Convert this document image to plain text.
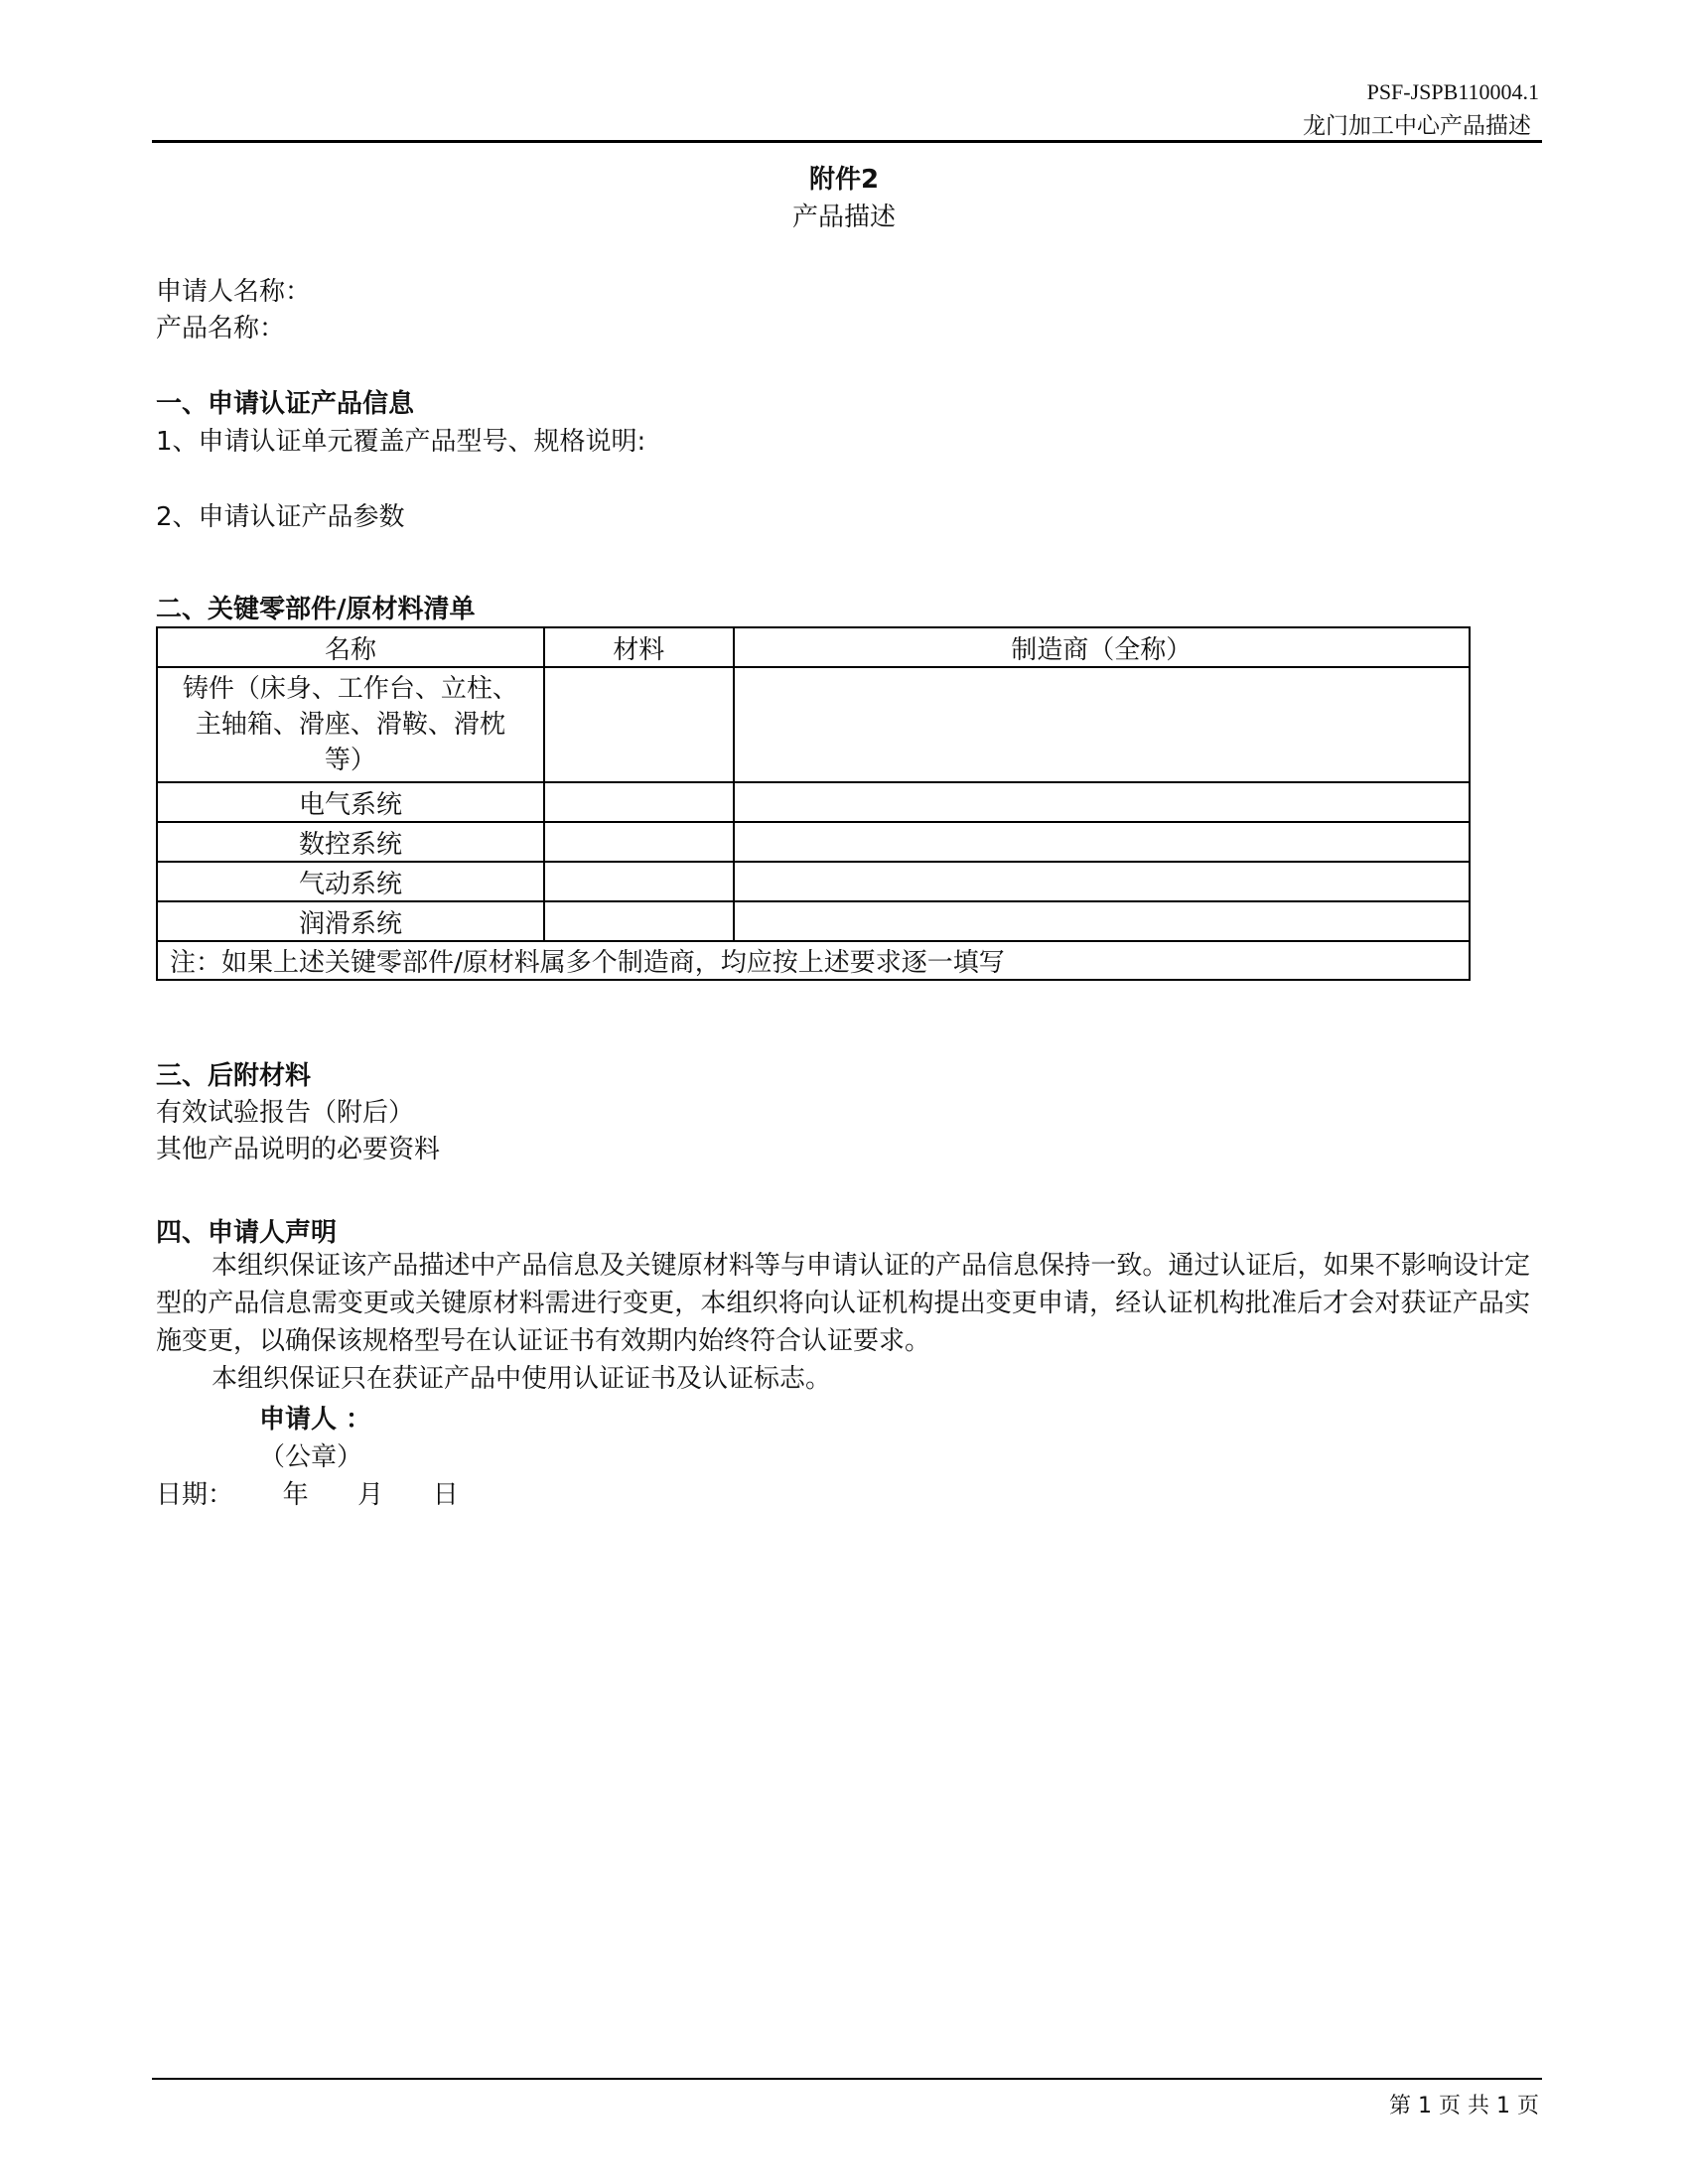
PSF-JSPB110004.1
龙门加工中心产品描述
附件2
产品描述
申请人名称：
产品名称：
一、申请认证产品信息
1、申请认证单元覆盖产品型号、规格说明:
2、申请认证产品参数
二、关键零部件/原材料清单
名称	材料	制造商（全称）

铸件（床身、工作台、立柱、主轴箱、滑座、滑鞍、滑枕等）		

电气系统		
数控系统		
气动系统		
润滑系统		
注：如果上述关键零部件/原材料属多个制造商，均应按上述要求逐一填写		
三、后附材料
有效试验报告（附后）
其他产品说明的必要资料
四、申请人声明
本组织保证该产品描述中产品信息及关键原材料等与申请认证的产品信息保持一致。通过认证后，如果不影响设计定型的产品信息需变更或关键原材料需进行变更，本组织将向认证机构提出变更申请，经认证机构批准后才会对获证产品实施变更，以确保该规格型号在认证证书有效期内始终符合认证要求。
本组织保证只在获证产品中使用认证证书及认证标志。
申请人 ：
（公章）
日期：      年      月      日
第 1 页 共 1 页
